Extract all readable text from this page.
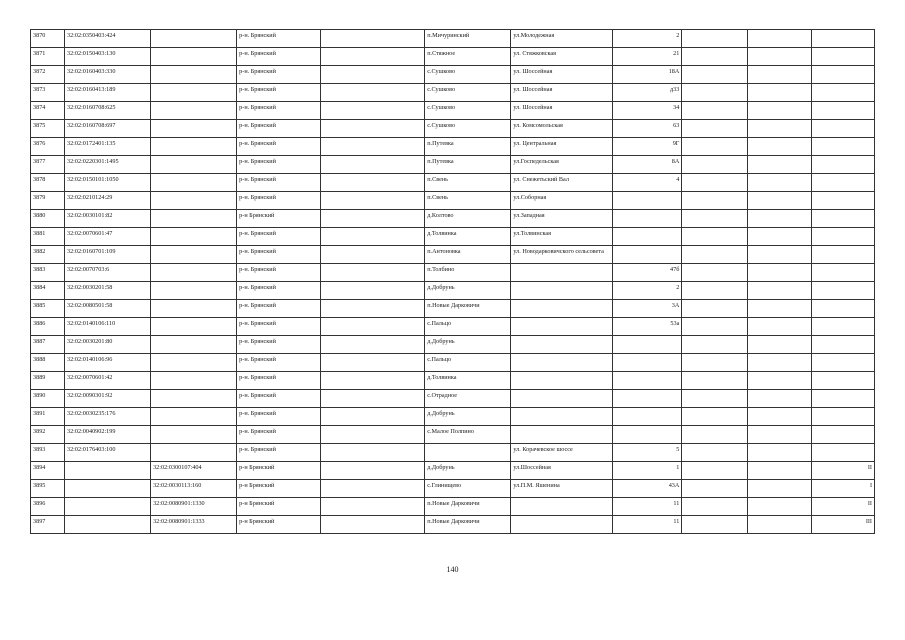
3870	32:02:0350403:424		р-н. Брянский		п.Мичуринский	ул.Молодежная	2			
3871	32:02:0150403:130		р-н. Брянский		п.Стяжное	ул. Стяжковская	21			
3872	32:02:0160403:330		р-н. Брянский		с.Сушково	ул. Шоссейная	18А			
3873	32:02:0160413:189		р-н. Брянский		с.Сушково	ул. Шоссейная	д33			
3874	32:02:0160708:625		р-н. Брянский		с.Сушково	ул. Шоссейная	34			
3875	32:02:0160708:697		р-н. Брянский		с.Сушково	ул. Комсомольская	63			
3876	32:02:0172401:135		р-н. Брянский		п.Путевка	ул. Центральная	9Г			
3877	32:02:0220301:1495		р-н. Брянский		п.Путевка	ул.Госпедельская	8А			
3878	32:02:0150101:1050		р-н. Брянский		п.Свень	ул. Снежетьский Вал	4			
3879	32:02:0210124:29		р-н. Брянский		п.Свень	ул.Соборная				
3880	32:02:0030101:82		р-н Брянский		д.Колтово	ул.Западная				
3881	32:02:0070601:47		р-н. Брянский		д.Толвинка	ул.Толвинская				
3882	32:02:0160701:109		р-н. Брянский		п.Антоновка	ул. Новодарковичского сельсовета				
3883	32:02:0070703:6		р-н. Брянский		п.Толбино		47б			
3884	32:02:0030201:58		р-н. Брянский		д.Добрунь		2			
3885	32:02:0080501:58		р-н. Брянский		п.Новые Дарковичи		3А			
3886	32:02:0140106:110		р-н. Брянский		с.Пальцо		53а			
3887	32:02:0030201:80		р-н. Брянский		д.Добрунь					
3888	32:02:0140106:96		р-н. Брянский		с.Пальцо					
3889	32:02:0070601:42		р-н. Брянский		д.Толвинка					
3890	32:02:0090301:92		р-н. Брянский		с.Отрадное					
3891	32:02:0030235:176		р-н. Брянский		д.Добрунь					
3892	32:02:0040902:199		р-н. Брянский		с.Малое Полпино					
3893	32:02:0176403:100		р-н. Брянский			ул. Корачевское шоссе	5			
3894		32:02:0300107:404	р-н Брянский		д.Добрунь	ул.Шоссейная	1			II
3895		32:02:0030113:160	р-н Брянский		с.Глинищево	ул.П.М. Яшенина	43А			I
3896		32:02:0080901:1330	р-н Брянский		п.Новые Дарковичи		11			II
3897		32:02:0080901:1333	р-н Брянский		п.Новые Дарковичи		11			III
140
